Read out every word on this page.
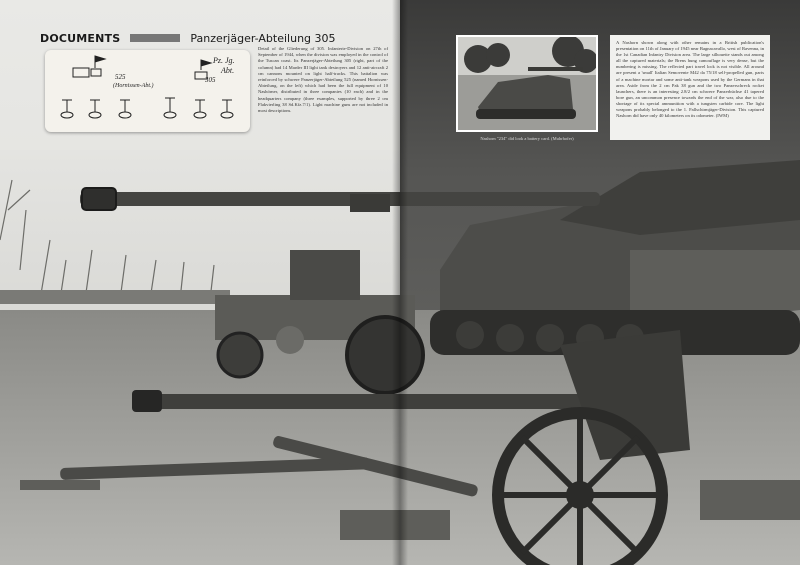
DOCUMENTS	Panzerjäger-Abteilung 305
525
(Hornissen-Abt.)
Pz. Jg.
Abt.
305
Detail of the Gliederung of 305. Infanterie-Division on 27th of September of 1944, when the division was employed in the control of the Tuscan coast. Its Panzerjäger-Abteilung 305 (right, part of the column) had 14 Marder III light tank destroyers and 12 anti-aircraft 2 cm cannons mounted on light half-tracks. This battalion was reinforced by schwere Panzerjäger-Abteilung 525 (named Hornissen-Abteilung, on the left) which had been the full equipment of 10 Nashörner, distributed in three companies (10 each) and in the headquarters company (three examples, supported by three 2 cm Flakvierling 38 Sd.Kfz.7/1). Light machine guns are not included in most descriptions.
Nashorn "234" did look a battery card. (Muhrhofer)
A Nashorn shown along with other remains in a British publication's presentation on 11th of January of 1945 near Bagnacavallo, west of Ravenna, in the 1st Canadian Infantry Division area. The large silhouette stands out among all the captured materials; the Brens hung camouflage is very dense, but the numbering is missing. The reflected part travel lock is not visible. All around are present a 'small' Italian Semovente M42 da 75/18 self-propelled gun, parts of a machine mortar and some anti-tank weapons used by the Germans in that area. Aside from the 2 cm Pak 38 gun and the two Panzerschreck rocket launchers, there is an interesting 2.8/2 cm schwere Panzerbüchse 41 tapered bore gun, an uncommon presence towards the end of the war, also due to the shortage of its special ammunition with a tungsten carbide core. The light weapons probably belonged to the 1. Fallschirmjäger-Division. This captured Nashorn did have only 40 kilometers on its odometer. (IWM)
